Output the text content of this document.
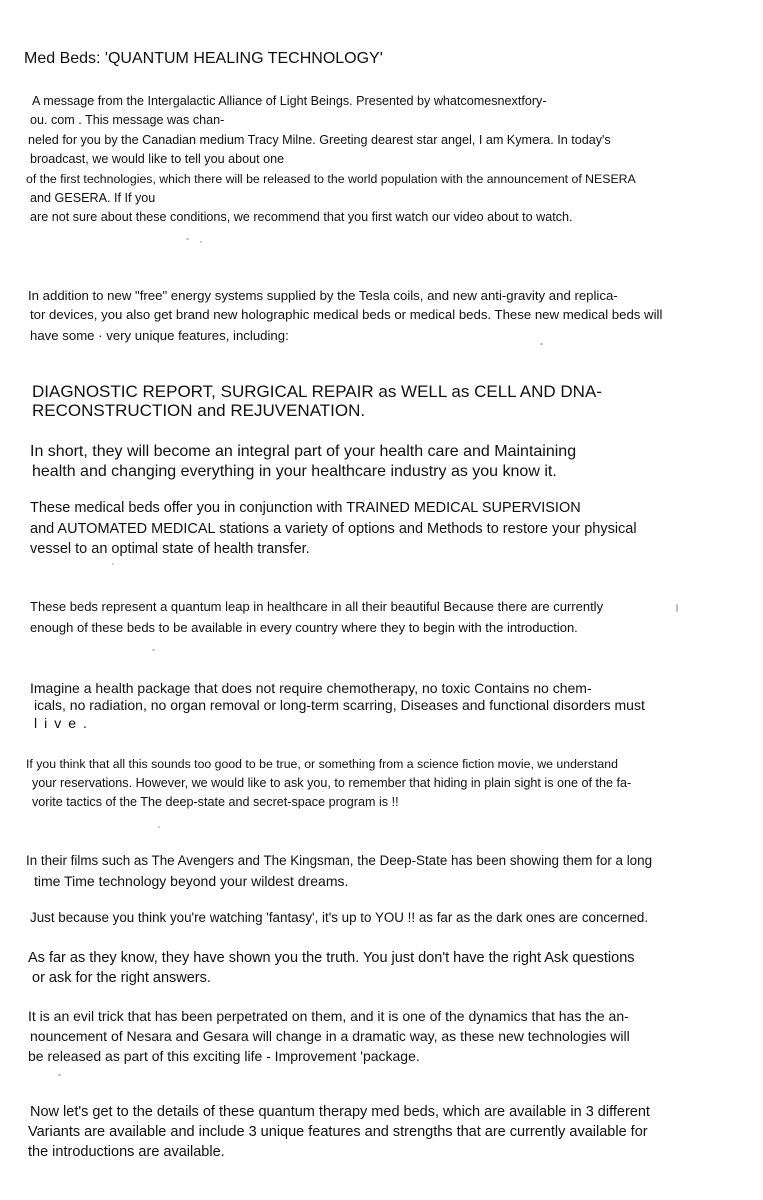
Med Beds: 'QUANTUM HEALING TECHNOLOGY'
A message from the Intergalactic Alliance of Light Beings. Presented by whatcomesnextfory-
ou. com . This message was chan-
neled for you by the Canadian medium Tracy Milne. Greeting dearest star angel, I am Kymera. In today's
broadcast, we would like to tell you about one
of the first technologies, which there will be released to the world population with the announcement of NESERA
and GESERA. If If you
are not sure about these conditions, we recommend that you first watch our video about to watch.
In addition to new "free" energy systems supplied by the Tesla coils, and new anti-gravity and replica-
tor devices, you also get brand new holographic medical beds or medical beds. These new medical beds will
have some · very unique features, including:
DIAGNOSTIC REPORT, SURGICAL REPAIR as WELL as CELL AND DNA-
RECONSTRUCTION and REJUVENATION.
In short, they will become an integral part of your health care and Maintaining
health and changing everything in your healthcare industry as you know it.
These medical beds offer you in conjunction with TRAINED MEDICAL SUPERVISION
and AUTOMATED MEDICAL stations a variety of options and Methods to restore your physical
vessel to an optimal state of health transfer.
These beds represent a quantum leap in healthcare in all their beautiful Because there are currently
enough of these beds to be available in every country where they to begin with the introduction.
Imagine a health package that does not require chemotherapy, no toxic Contains no chem-
icals, no radiation, no organ removal or long-term scarring, Diseases and functional disorders must
live.
If you think that all this sounds too good to be true, or something from a science fiction movie, we understand
your reservations. However, we would like to ask you, to remember that hiding in plain sight is one of the fa-
vorite tactics of the The deep-state and secret-space program is !!
In their films such as The Avengers and The Kingsman, the Deep-State has been showing them for a long
time Time technology beyond your wildest dreams.
Just because you think you're watching 'fantasy', it's up to YOU !! as far as the dark ones are concerned.
As far as they know, they have shown you the truth. You just don't have the right Ask questions
or ask for the right answers.
It is an evil trick that has been perpetrated on them, and it is one of the dynamics that has the an-
nouncement of Nesara and Gesara will change in a dramatic way, as these new technologies will
be released as part of this exciting life - Improvement 'package.
Now let's get to the details of these quantum therapy med beds, which are available in 3 different
Variants are available and include 3 unique features and strengths that are currently available for
the introductions are available.
